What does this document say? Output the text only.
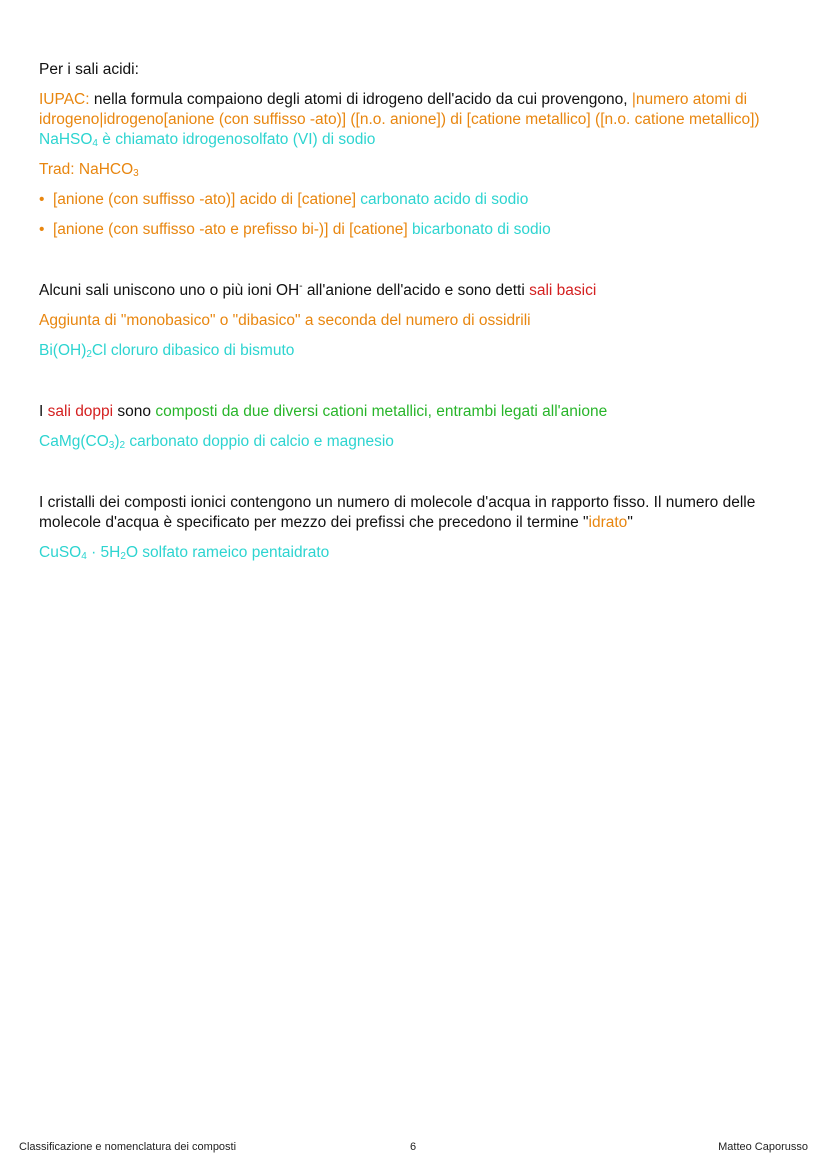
Per i sali acidi:

IUPAC: nella formula compaiono degli atomi di idrogeno dell'acido da cui provengono, |numero atomi di idrogeno|idrogeno[anione (con suffisso -ato)] ([n.o. anione]) di [catione metallico] ([n.o. catione metallico]) NaHSO$_4$ è chiamato idrogenosolfato (VI) di sodio

Trad: NaHCO$_3$

• [anione (con suffisso -ato)] acido di [catione] carbonato acido di sodio

• [anione (con suffisso -ato e prefisso bi-)] di [catione] bicarbonato di sodio

Alcuni sali uniscono uno o più ioni OH- all'anione dell'acido e sono detti sali basici

Aggiunta di "monobasico" o "dibasico" a seconda del numero di ossidrili

$Bi(OH)_2Cl$ cloruro dibasico di bismuto

I sali doppi sono composti da due diversi cationi metallici, entrambi legati all'anione

$CaMg(CO_3)_2$ carbonato doppio di calcio e magnesio

I cristalli dei composti ionici contengono un numero di molecole d'acqua in rapporto fisso. Il numero delle molecole d'acqua è specificato per mezzo dei prefissi che precedono il termine "idrato"

CuSO$_4$ · $5H_2O$ solfato rameico pentaidrato

Classificazione e nomenclatura dei composti	6	Matteo Caporusso
